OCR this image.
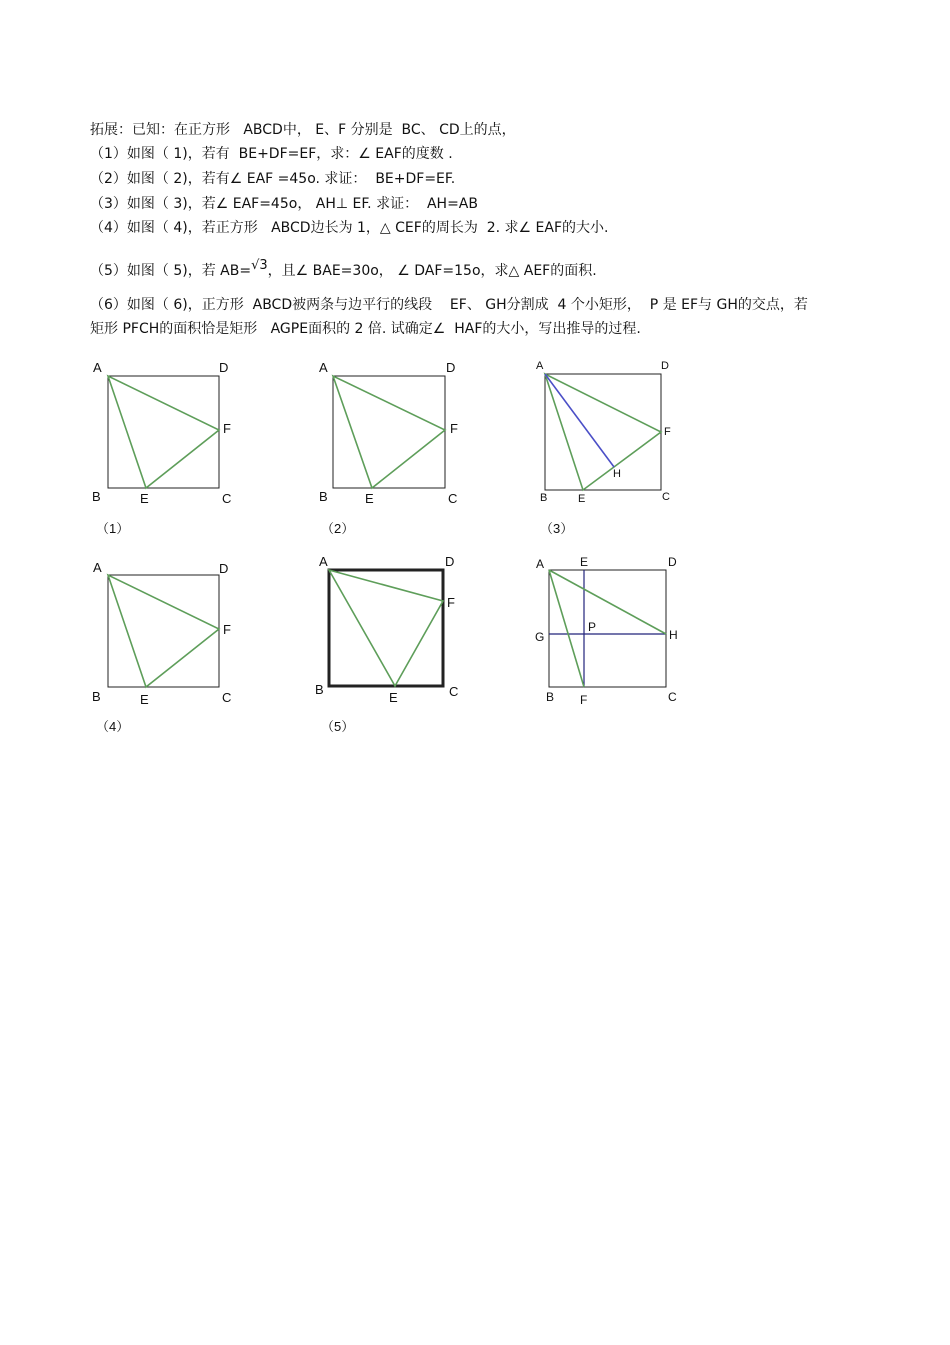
拓展：已知：在正方形   ABCD中， E、F 分别是  BC、 CD上的点，
（1）如图（ 1)，若有  BE+DF=EF，求：∠ EAF的度数 .
（2）如图（ 2)，若有∠ EAF =45o. 求证：  BE+DF=EF.
（3）如图（ 3)，若∠ EAF=45o， AH⊥ EF. 求证：  AH=AB
（4）如图（ 4)，若正方形   ABCD边长为 1，△ CEF的周长为  2. 求∠ EAF的大小.
（5）如图（ 5)，若 AB=√3，且∠ BAE=30o， ∠ DAF=15o，求△ AEF的面积.
（6）如图（ 6)，正方形  ABCD被两条与边平行的线段    EF、 GH分割成  4 个小矩形，  P 是 EF与 GH的交点，若
矩形 PFCH的面积恰是矩形   AGPE面积的 2 倍. 试确定∠  HAF的大小，写出推导的过程.
A	D
F
B	E	C
（1）
A	D
F
B	E	C
（2）
A	D
F
H
B	E	C
（3）
A	D
F
B	E	C
（4）
A	D
F
B
E	C
（5）
A	E	D
G
P
H
B F	C
